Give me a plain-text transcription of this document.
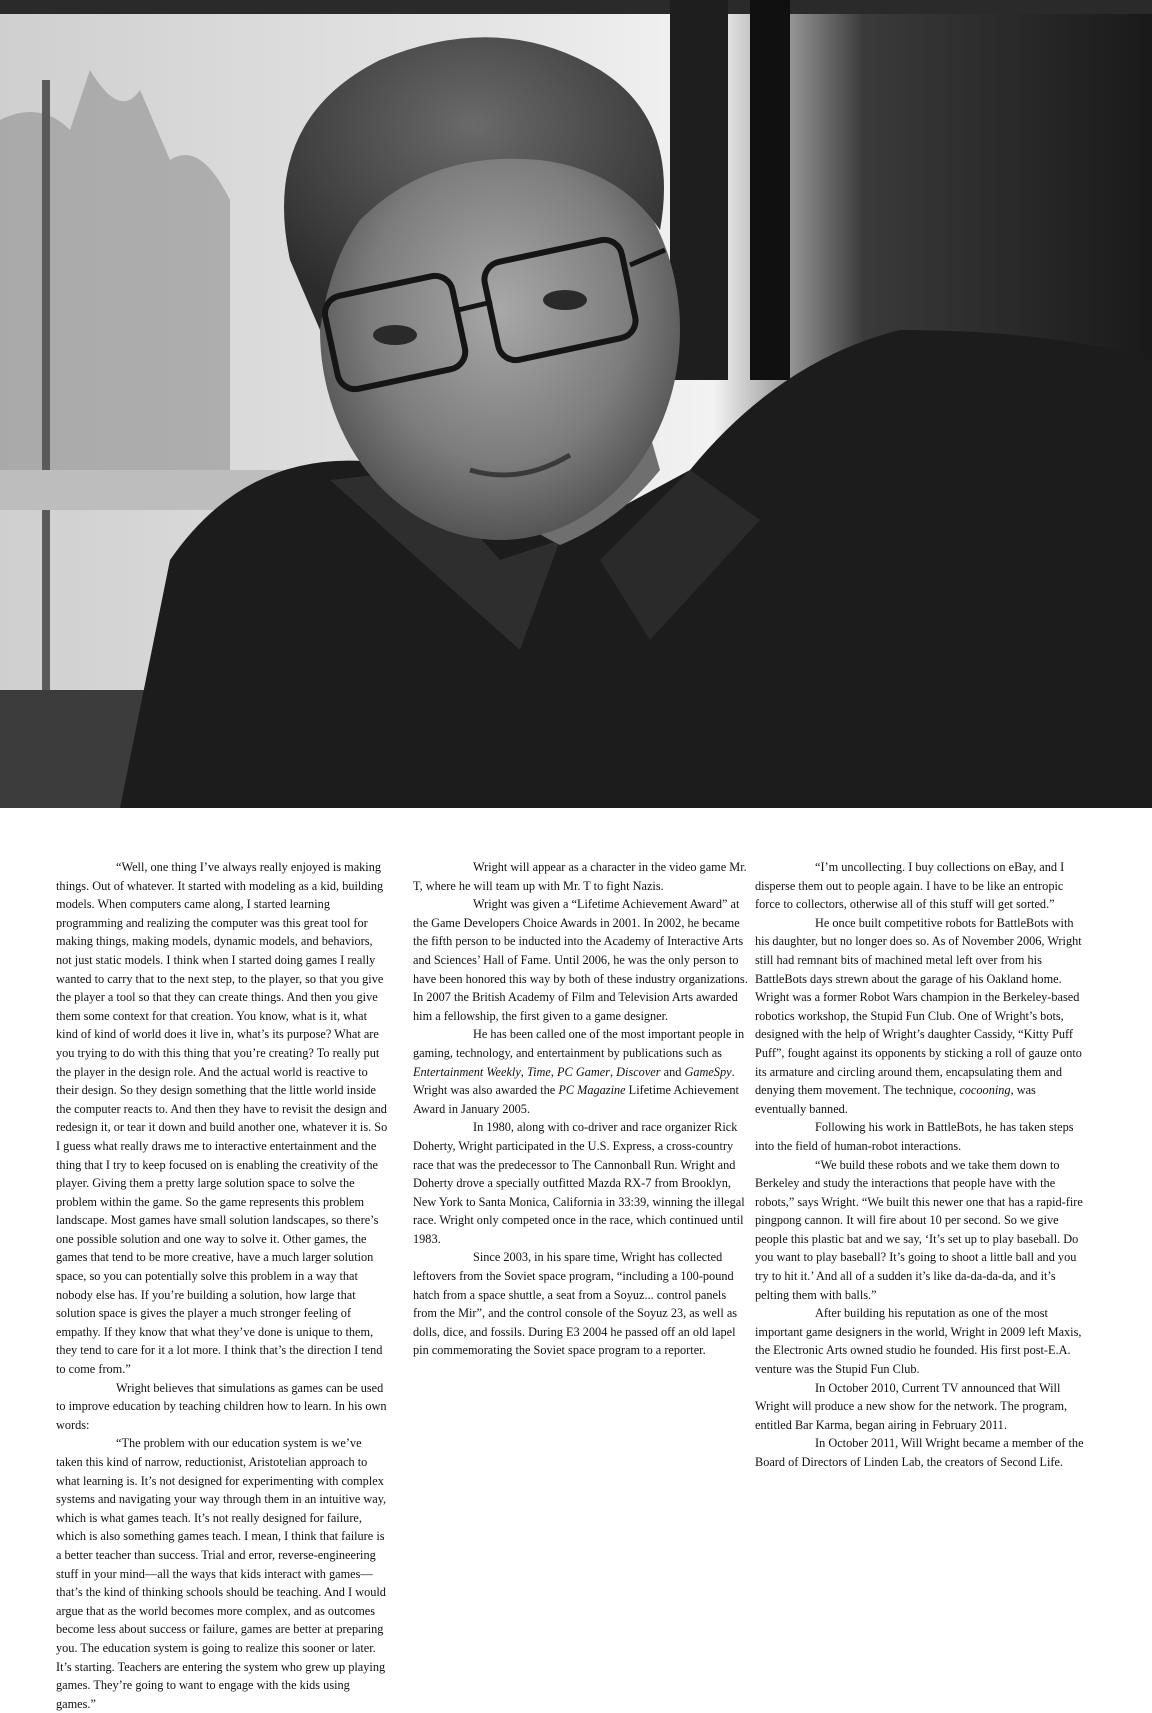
“Well, one thing I’ve always really enjoyed is making things. Out of whatever. It started with modeling as a kid, building models. When computers came along, I started learning programming and realizing the computer was this great tool for making things, making models, dynamic models, and behaviors, not just static models. I think when I started doing games I really wanted to carry that to the next step, to the player, so that you give the player a tool so that they can create things. And then you give them some context for that creation. You know, what is it, what kind of kind of world does it live in, what’s its purpose? What are you trying to do with this thing that you’re creating? To really put the player in the design role. And the actual world is reactive to their design. So they design something that the little world inside the computer reacts to. And then they have to revisit the design and redesign it, or tear it down and build another one, whatever it is. So I guess what really draws me to interactive entertainment and the thing that I try to keep focused on is enabling the creativity of the player. Giving them a pretty large solution space to solve the problem within the game. So the game represents this problem landscape. Most games have small solution landscapes, so there’s one possible solution and one way to solve it. Other games, the games that tend to be more creative, have a much larger solution space, so you can potentially solve this problem in a way that nobody else has. If you’re building a solution, how large that solution space is gives the player a much stronger feeling of empathy. If they know that what they’ve done is unique to them, they tend to care for it a lot more. I think that’s the direction I tend to come from.”

Wright believes that simulations as games can be used to improve education by teaching children how to learn. In his own words:

“The problem with our education system is we’ve taken this kind of narrow, reductionist, Aristotelian approach to what learning is. It’s not designed for experimenting with complex systems and navigating your way through them in an intuitive way, which is what games teach. It’s not really designed for failure, which is also something games teach. I mean, I think that failure is a better teacher than success. Trial and error, reverse-engineering stuff in your mind—all the ways that kids interact with games—that’s the kind of thinking schools should be teaching. And I would argue that as the world becomes more complex, and as outcomes become less about success or failure, games are better at preparing you. The education system is going to realize this sooner or later. It’s starting. Teachers are entering the system who grew up playing games. They’re going to want to engage with the kids using games.”

Wright will appear as a character in the video game Mr. T, where he will team up with Mr. T to fight Nazis.

Wright was given a “Lifetime Achievement Award” at the Game Developers Choice Awards in 2001. In 2002, he became the fifth person to be inducted into the Academy of Interactive Arts and Sciences’ Hall of Fame. Until 2006, he was the only person to have been honored this way by both of these industry organizations. In 2007 the British Academy of Film and Television Arts awarded him a fellowship, the first given to a game designer.

He has been called one of the most important people in gaming, technology, and entertainment by publications such as Entertainment Weekly, Time, PC Gamer, Discover and GameSpy. Wright was also awarded the PC Magazine Lifetime Achievement Award in January 2005.

In 1980, along with co-driver and race organizer Rick Doherty, Wright participated in the U.S. Express, a cross-country race that was the predecessor to The Cannonball Run. Wright and Doherty drove a specially outfitted Mazda RX-7 from Brooklyn, New York to Santa Monica, California in 33:39, winning the illegal race. Wright only competed once in the race, which continued until 1983.

Since 2003, in his spare time, Wright has collected leftovers from the Soviet space program, “including a 100-pound hatch from a space shuttle, a seat from a Soyuz... control panels from the Mir”, and the control console of the Soyuz 23, as well as dolls, dice, and fossils. During E3 2004 he passed off an old lapel pin commemorating the Soviet space program to a reporter.

“I’m uncollecting. I buy collections on eBay, and I disperse them out to people again. I have to be like an entropic force to collectors, otherwise all of this stuff will get sorted.”

He once built competitive robots for BattleBots with his daughter, but no longer does so. As of November 2006, Wright still had remnant bits of machined metal left over from his BattleBots days strewn about the garage of his Oakland home. Wright was a former Robot Wars champion in the Berkeley-based robotics workshop, the Stupid Fun Club. One of Wright’s bots, designed with the help of Wright’s daughter Cassidy, “Kitty Puff Puff”, fought against its opponents by sticking a roll of gauze onto its armature and circling around them, encapsulating them and denying them movement. The technique, cocooning, was eventually banned.

Following his work in BattleBots, he has taken steps into the field of human-robot interactions.

“We build these robots and we take them down to Berkeley and study the interactions that people have with the robots,” says Wright. “We built this newer one that has a rapid-fire pingpong cannon. It will fire about 10 per second. So we give people this plastic bat and we say, ‘It’s set up to play baseball. Do you want to play baseball? It’s going to shoot a little ball and you try to hit it.’ And all of a sudden it’s like da-da-da-da, and it’s pelting them with balls.”

After building his reputation as one of the most important game designers in the world, Wright in 2009 left Maxis, the Electronic Arts owned studio he founded. His first post-E.A. venture was the Stupid Fun Club.

In October 2010, Current TV announced that Will Wright will produce a new show for the network. The program, entitled Bar Karma, began airing in February 2011.

In October 2011, Will Wright became a member of the Board of Directors of Linden Lab, the creators of Second Life.
